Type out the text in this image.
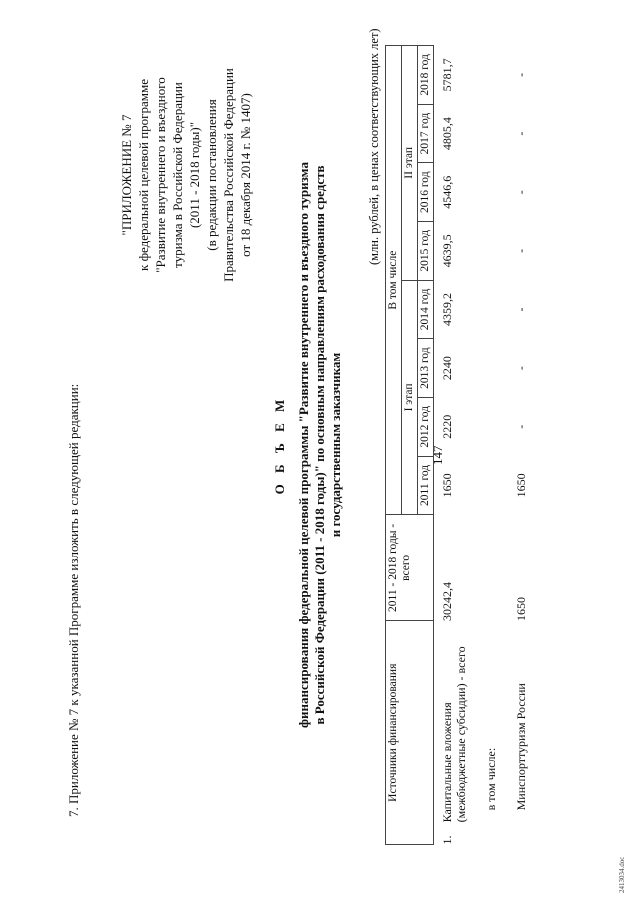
147
7. Приложение № 7 к указанной Программе изложить в следующей редакции:
"ПРИЛОЖЕНИЕ № 7 к федеральной целевой программе "Развитие внутреннего и въездного туризма в Российской Федерации (2011 - 2018 годы)" (в редакции постановления Правительства Российской Федерации от 18 декабря 2014 г. № 1407)
О Б Ъ Е М финансирования федеральной целевой программы "Развитие внутреннего и въездного туризма в Российской Федерации (2011 - 2018 годы)" по основным направлениям расходования средств и государственным заказчикам
(млн. рублей, в ценах соответствующих лет)
Источники финансирования		2011 - 2018 годы - всего	В том числе							
			I этап				II этап			
			2011 год	2012 год	2013 год	2014 год	2015 год	2016 год	2017 год	2018 год
1.	Капитальные вложения (межбюджетные субсидии) - всего	30242,4	1650	2220	2240	4359,2	4639,5	4546,6	4805,4	5781,7
	в том числе:									
	Минспорттуризм России	1650	1650	-	-	-	-	-	-	-
2413034.doc
